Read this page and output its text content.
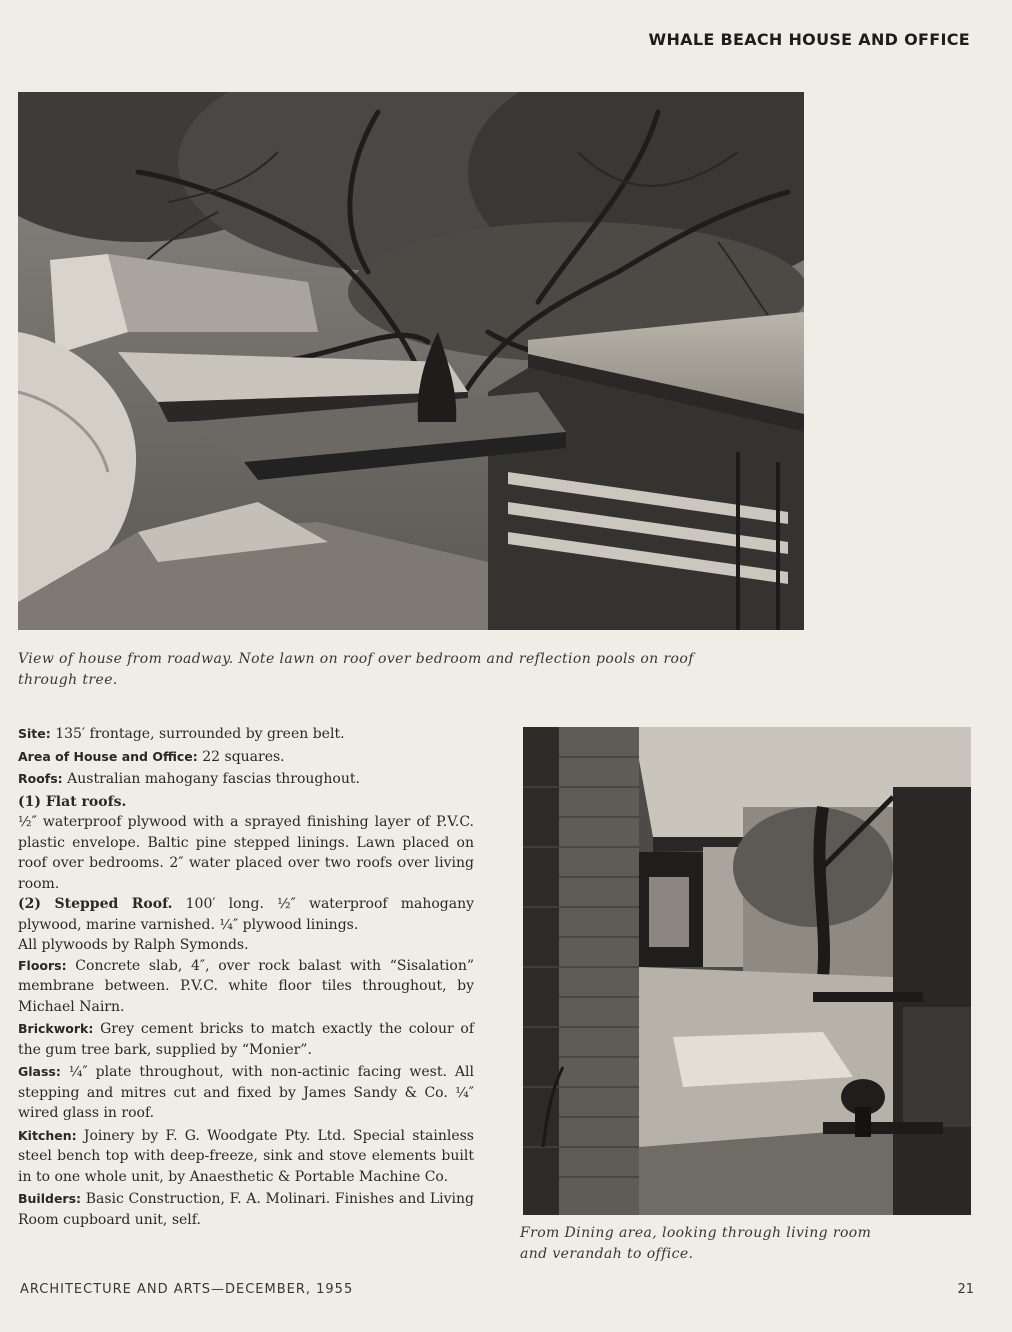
WHALE BEACH HOUSE AND OFFICE
View of house from roadway. Note lawn on roof over bedroom and reflection pools on roof through tree.

Site: 135′ frontage, surrounded by green belt.

Area of House and Office: 22 squares.

Roofs: Australian mahogany fascias throughout.

(1) Flat roofs.

½″ waterproof plywood with a sprayed finishing layer of P.V.C. plastic envelope. Baltic pine stepped linings. Lawn placed on roof over bedrooms. 2″ water placed over two roofs over living room.

(2) Stepped Roof. 100′ long. ½″ waterproof mahogany plywood, marine varnished. ¼″ plywood linings.

All plywoods by Ralph Symonds.

Floors: Concrete slab, 4″, over rock balast with “Sisalation” membrane between. P.V.C. white floor tiles throughout, by Michael Nairn.

Brickwork: Grey cement bricks to match exactly the colour of the gum tree bark, supplied by “Monier”.

Glass: ¼″ plate throughout, with non-actinic facing west. All stepping and mitres cut and fixed by James Sandy & Co. ¼″ wired glass in roof.

Kitchen: Joinery by F. G. Woodgate Pty. Ltd. Special stainless steel bench top with deep-freeze, sink and stove elements built in to one whole unit, by Anaesthetic & Portable Machine Co.

Builders: Basic Construction, F. A. Molinari. Finishes and Living Room cupboard unit, self.

From Dining area, looking through living room and verandah to office.
ARCHITECTURE AND ARTS—DECEMBER, 1955	21
